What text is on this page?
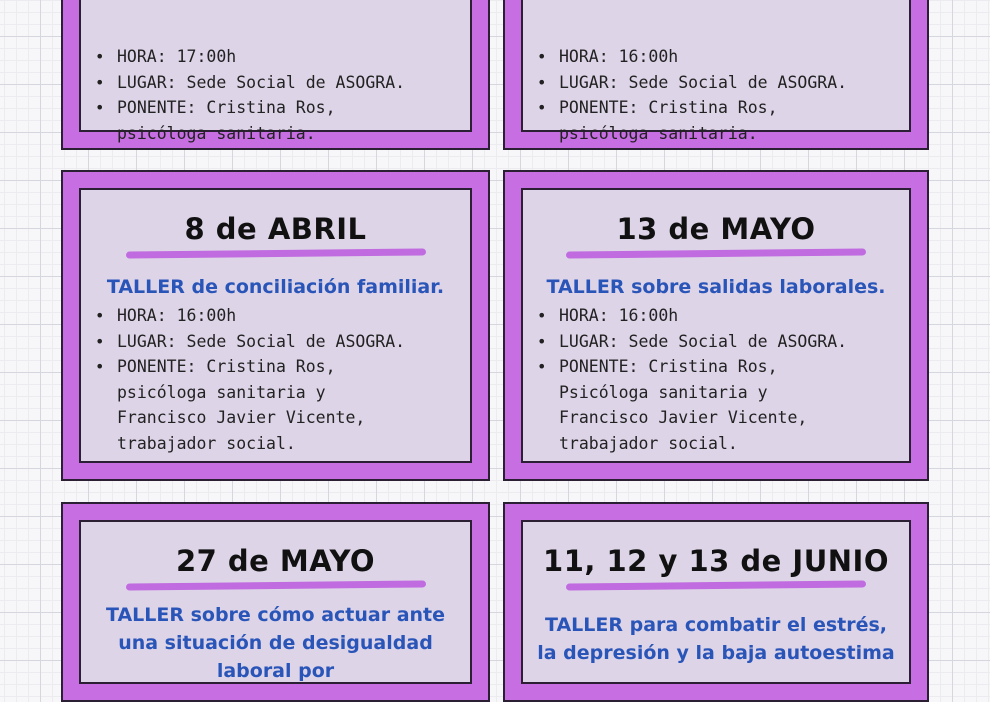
• HORA: 17:00h
• LUGAR: Sede Social de ASOGRA.
• PONENTE: Cristina Ros,
psicóloga sanitaria.
• HORA: 16:00h
• LUGAR: Sede Social de ASOGRA.
• PONENTE: Cristina Ros,
psicóloga sanitaria.
8 de ABRIL
TALLER de conciliación familiar.
• HORA: 16:00h
• LUGAR: Sede Social de ASOGRA.
• PONENTE: Cristina Ros,
psicóloga sanitaria y
Francisco Javier Vicente,
trabajador social.
13 de MAYO
TALLER sobre salidas laborales.
• HORA: 16:00h
• LUGAR: Sede Social de ASOGRA.
• PONENTE: Cristina Ros,
Psicóloga sanitaria y
Francisco Javier Vicente,
trabajador social.
27 de MAYO
TALLER sobre cómo actuar ante una situación de desigualdad laboral por
11, 12 y 13 de JUNIO
TALLER para combatir el estrés, la depresión y la baja autoestima
